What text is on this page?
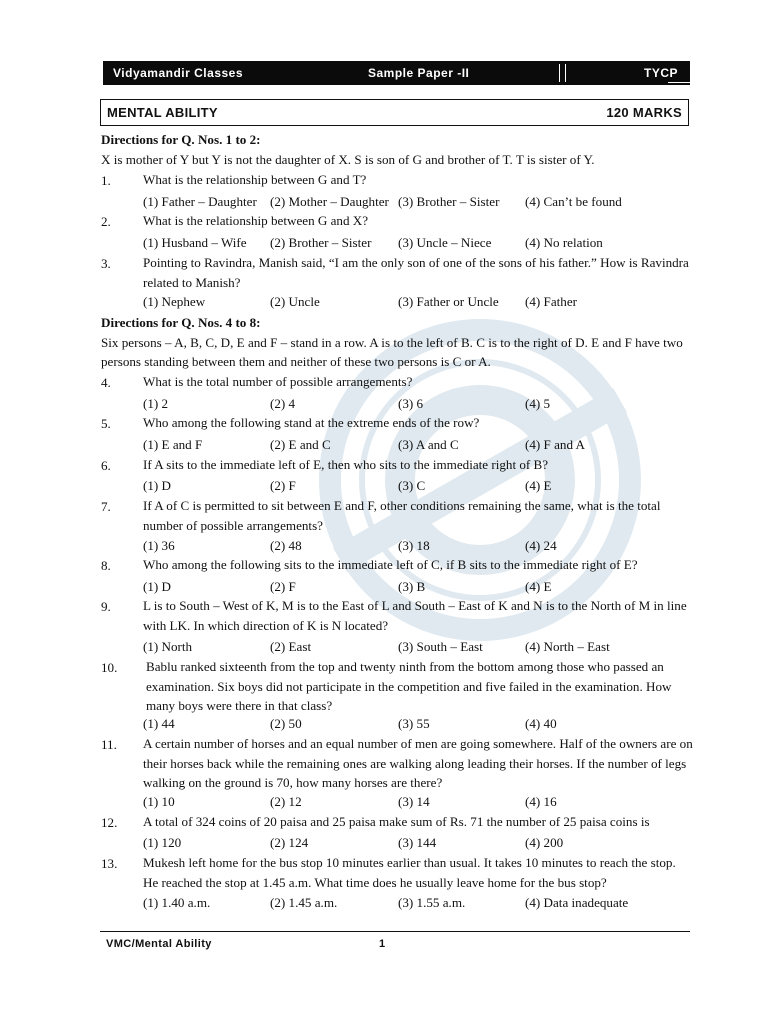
Vidyamandir Classes	Sample Paper -II	TYCP
MENTAL ABILITY	120 MARKS
Directions for Q. Nos. 1 to 2:
X is mother of Y but Y is not the daughter of X. S is son of G and brother of T. T is sister of Y.
1. What is the relationship between G and T?
(1) Father – Daughter (2) Mother – Daughter (3) Brother – Sister (4) Can’t be found
2. What is the relationship between G and X?
(1) Husband – Wife (2) Brother – Sister (3) Uncle – Niece	(4) No relation
3. Pointing to Ravindra, Manish said, “I am the only son of one of the sons of his father.” How is Ravindra related to Manish?
(1) Nephew	(2) Uncle	(3) Father or Uncle (4) Father
Directions for Q. Nos. 4 to 8:
Six persons – A, B, C, D, E and F – stand in a row. A is to the left of B. C is to the right of D. E and F have two
persons standing between them and neither of these two persons is C or A.
4. What is the total number of possible arrangements?
(1) 2	(2) 4	(3) 6	(4) 5
5. Who among the following stand at the extreme ends of the row?
(1) E and F	(2) E and C	(3) A and C	(4) F and A
6. If A sits to the immediate left of E, then who sits to the immediate right of B?
(1) D	(2) F	(3) C	(4) E
7. If A of C is permitted to sit between E and F, other conditions remaining the same, what is the total number of possible arrangements?
(1) 36	(2) 48	(3) 18	(4) 24
8. Who among the following sits to the immediate left of C, if B sits to the immediate right of E?
(1) D	(2) F	(3) B	(4) E
9. L is to South – West of K, M is to the East of L and South – East of K and N is to the North of M in line with LK. In which direction of K is N located?
(1) North	(2) East	(3) South – East	(4) North – East
10. Bablu ranked sixteenth from the top and twenty ninth from the bottom among those who passed an examination. Six boys did not participate in the competition and five failed in the examination. How many boys were there in that class?
(1) 44	(2) 50	(3) 55	(4) 40
11. A certain number of horses and an equal number of men are going somewhere. Half of the owners are on their horses back while the remaining ones are walking along leading their horses. If the number of legs walking on the ground is 70, how many horses are there?
(1) 10	(2) 12	(3) 14	(4) 16
12. A total of 324 coins of 20 paisa and 25 paisa make sum of Rs. 71 the number of 25 paisa coins is
(1) 120	(2) 124	(3) 144	(4) 200
13. Mukesh left home for the bus stop 10 minutes earlier than usual. It takes 10 minutes to reach the stop. He reached the stop at 1.45 a.m. What time does he usually leave home for the bus stop?
(1) 1.40 a.m.	(2) 1.45 a.m.	(3) 1.55 a.m.	(4) Data inadequate
VMC/Mental Ability	1
